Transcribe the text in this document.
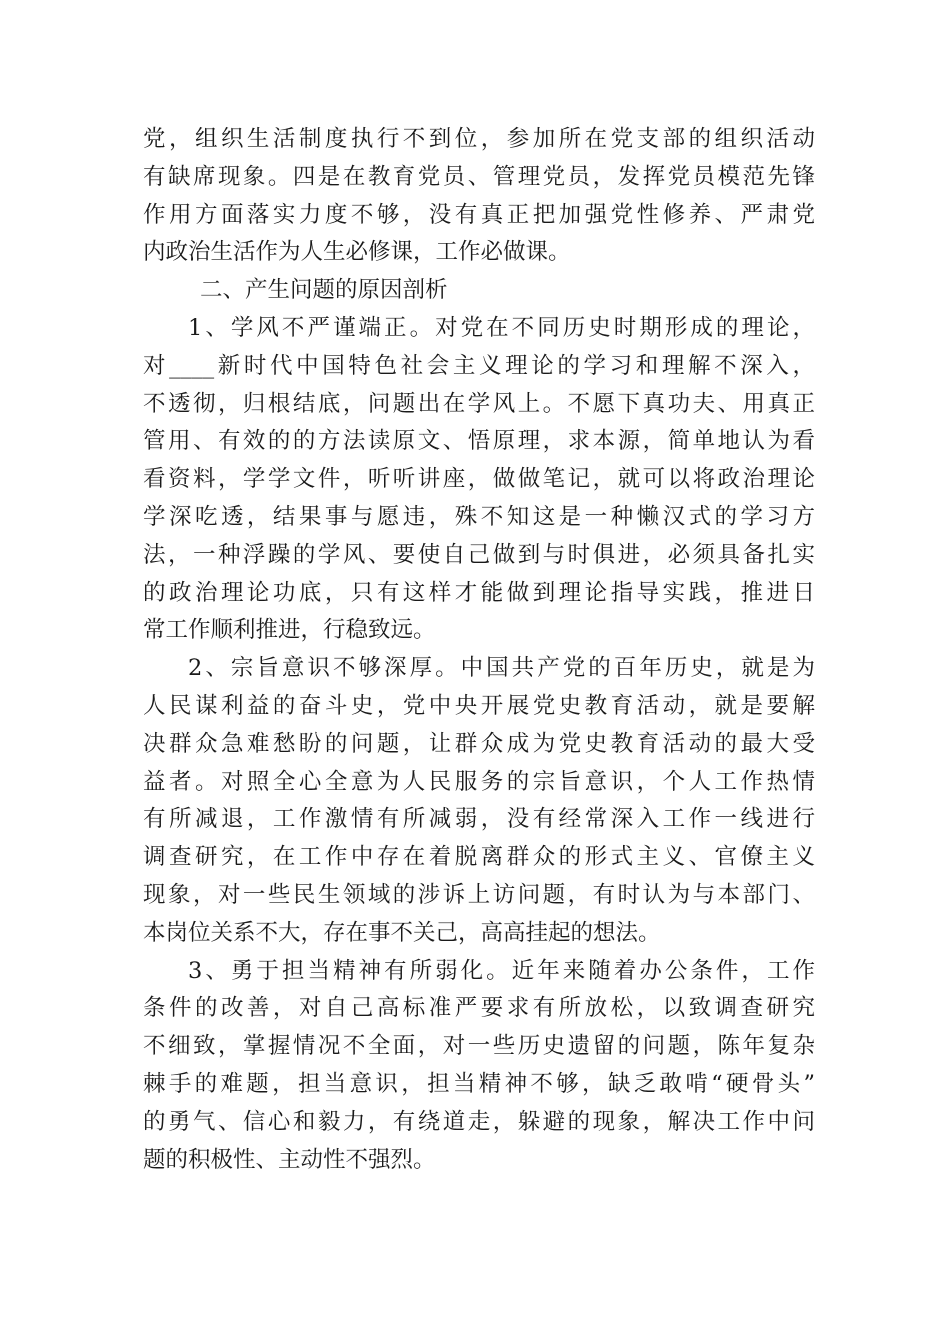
党，组织生活制度执行不到位，参加所在党支部的组织活动
有缺席现象。四是在教育党员、管理党员，发挥党员模范先锋
作用方面落实力度不够，没有真正把加强党性修养、严肃党
内政治生活作为人生必修课，工作必做课。
二、产生问题的原因剖析
1、学风不严谨端正。对党在不同历史时期形成的理论，
对____新时代中国特色社会主义理论的学习和理解不深入，
不透彻，归根结底，问题出在学风上。不愿下真功夫、用真正
管用、有效的的方法读原文、悟原理，求本源，简单地认为看
看资料，学学文件，听听讲座，做做笔记，就可以将政治理论
学深吃透，结果事与愿违，殊不知这是一种懒汉式的学习方
法，一种浮躁的学风、要使自己做到与时俱进，必须具备扎实
的政治理论功底，只有这样才能做到理论指导实践，推进日
常工作顺利推进，行稳致远。
2、宗旨意识不够深厚。中国共产党的百年历史，就是为
人民谋利益的奋斗史，党中央开展党史教育活动，就是要解
决群众急难愁盼的问题，让群众成为党史教育活动的最大受
益者。对照全心全意为人民服务的宗旨意识，个人工作热情
有所减退，工作激情有所减弱，没有经常深入工作一线进行
调查研究，在工作中存在着脱离群众的形式主义、官僚主义
现象，对一些民生领域的涉诉上访问题，有时认为与本部门、
本岗位关系不大，存在事不关己，高高挂起的想法。
3、勇于担当精神有所弱化。近年来随着办公条件，工作
条件的改善，对自己高标准严要求有所放松，以致调查研究
不细致，掌握情况不全面，对一些历史遗留的问题，陈年复杂
棘手的难题，担当意识，担当精神不够，缺乏敢啃“硬骨头”
的勇气、信心和毅力，有绕道走，躲避的现象，解决工作中问
题的积极性、主动性不强烈。
